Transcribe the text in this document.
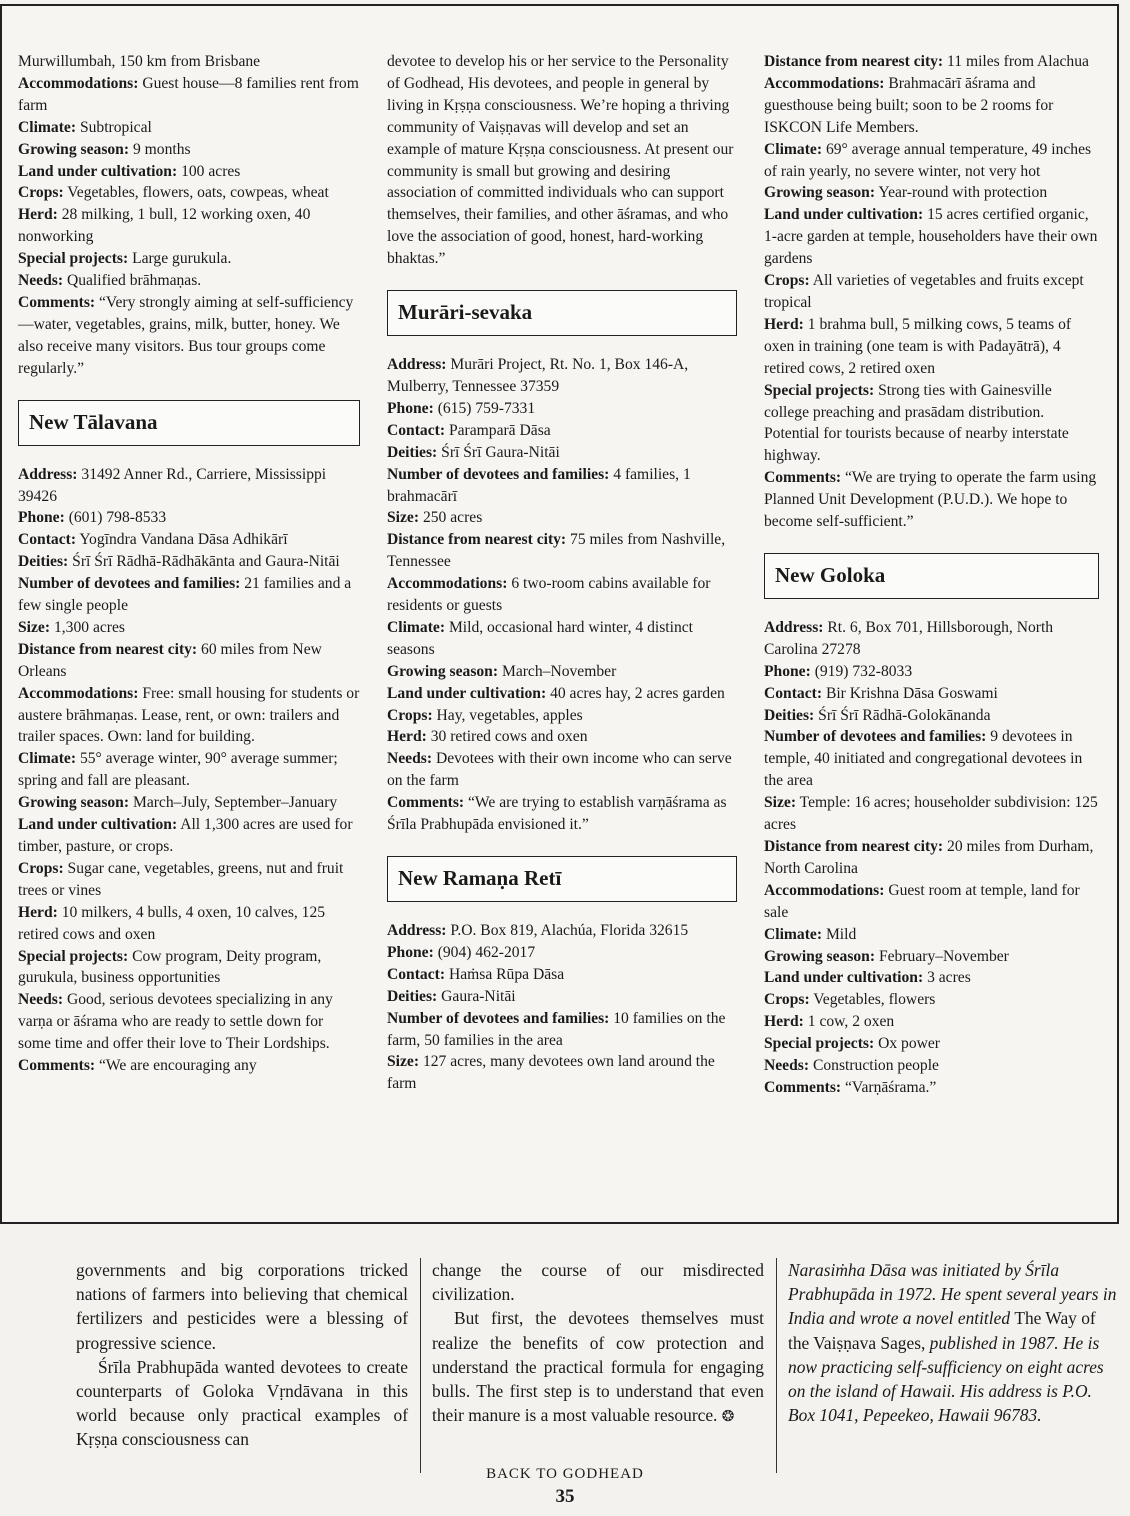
Murwillumbah, 150 km from Brisbane

Accommodations: Guest house—8 families rent from farm

Climate: Subtropical

Growing season: 9 months

Land under cultivation: 100 acres

Crops: Vegetables, flowers, oats, cowpeas, wheat

Herd: 28 milking, 1 bull, 12 working oxen, 40 nonworking

Special projects: Large gurukula.

Needs: Qualified brāhmaṇas.

Comments: “Very strongly aiming at self-sufficiency—water, vegetables, grains, milk, butter, honey. We also receive many visitors. Bus tour groups come regularly.”

New Tālavana

Address: 31492 Anner Rd., Carriere, Mississippi 39426

Phone: (601) 798-8533

Contact: Yogīndra Vandana Dāsa Adhikārī

Deities: Śrī Śrī Rādhā-Rādhākānta and Gaura-Nitāi

Number of devotees and families: 21 families and a few single people

Size: 1,300 acres

Distance from nearest city: 60 miles from New Orleans

Accommodations: Free: small housing for students or austere brāhmaṇas. Lease, rent, or own: trailers and trailer spaces. Own: land for building.

Climate: 55° average winter, 90° average summer; spring and fall are pleasant.

Growing season: March–July, September–January

Land under cultivation: All 1,300 acres are used for timber, pasture, or crops.

Crops: Sugar cane, vegetables, greens, nut and fruit trees or vines

Herd: 10 milkers, 4 bulls, 4 oxen, 10 calves, 125 retired cows and oxen

Special projects: Cow program, Deity program, gurukula, business opportunities

Needs: Good, serious devotees specializing in any varṇa or āśrama who are ready to settle down for some time and offer their love to Their Lordships.

Comments: “We are encouraging any

devotee to develop his or her service to the Personality of Godhead, His devotees, and people in general by living in Kṛṣṇa consciousness. We’re hoping a thriving community of Vaiṣṇavas will develop and set an example of mature Kṛṣṇa consciousness. At present our community is small but growing and desiring association of committed individuals who can support themselves, their families, and other āśramas, and who love the association of good, honest, hard-working bhaktas.”

Murāri-sevaka

Address: Murāri Project, Rt. No. 1, Box 146-A, Mulberry, Tennessee 37359

Phone: (615) 759-7331

Contact: Paramparā Dāsa

Deities: Śrī Śrī Gaura-Nitāi

Number of devotees and families: 4 families, 1 brahmacārī

Size: 250 acres

Distance from nearest city: 75 miles from Nashville, Tennessee

Accommodations: 6 two-room cabins available for residents or guests

Climate: Mild, occasional hard winter, 4 distinct seasons

Growing season: March–November

Land under cultivation: 40 acres hay, 2 acres garden

Crops: Hay, vegetables, apples

Herd: 30 retired cows and oxen

Needs: Devotees with their own income who can serve on the farm

Comments: “We are trying to establish varṇāśrama as Śrīla Prabhupāda envisioned it.”

New Ramaṇa Retī

Address: P.O. Box 819, Alachúa, Florida 32615

Phone: (904) 462-2017

Contact: Haṁsa Rūpa Dāsa

Deities: Gaura-Nitāi

Number of devotees and families: 10 families on the farm, 50 families in the area

Size: 127 acres, many devotees own land around the farm

Distance from nearest city: 11 miles from Alachua

Accommodations: Brahmacārī āśrama and guesthouse being built; soon to be 2 rooms for ISKCON Life Members.

Climate: 69° average annual temperature, 49 inches of rain yearly, no severe winter, not very hot

Growing season: Year-round with protection

Land under cultivation: 15 acres certified organic, 1-acre garden at temple, householders have their own gardens

Crops: All varieties of vegetables and fruits except tropical

Herd: 1 brahma bull, 5 milking cows, 5 teams of oxen in training (one team is with Padayātrā), 4 retired cows, 2 retired oxen

Special projects: Strong ties with Gainesville college preaching and prasādam distribution. Potential for tourists because of nearby interstate highway.

Comments: “We are trying to operate the farm using Planned Unit Development (P.U.D.). We hope to become self-sufficient.”

New Goloka

Address: Rt. 6, Box 701, Hillsborough, North Carolina 27278

Phone: (919) 732-8033

Contact: Bir Krishna Dāsa Goswami

Deities: Śrī Śrī Rādhā-Golokānanda

Number of devotees and families: 9 devotees in temple, 40 initiated and congregational devotees in the area

Size: Temple: 16 acres; householder subdivision: 125 acres

Distance from nearest city: 20 miles from Durham, North Carolina

Accommodations: Guest room at temple, land for sale

Climate: Mild

Growing season: February–November

Land under cultivation: 3 acres

Crops: Vegetables, flowers

Herd: 1 cow, 2 oxen

Special projects: Ox power

Needs: Construction people

Comments: “Varṇāśrama.”

governments and big corporations tricked nations of farmers into believing that chemical fertilizers and pesticides were a blessing of progressive science.

Śrīla Prabhupāda wanted devotees to create counterparts of Goloka Vṛndāvana in this world because only practical examples of Kṛṣṇa consciousness can

change the course of our misdirected civilization.

But first, the devotees themselves must realize the benefits of cow protection and understand the practical formula for engaging bulls. The first step is to understand that even their manure is a most valuable resource. ❂

Narasiṁha Dāsa was initiated by Śrīla Prabhupāda in 1972. He spent several years in India and wrote a novel entitled The Way of the Vaiṣṇava Sages, published in 1987. He is now practicing self-sufficiency on eight acres on the island of Hawaii. His address is P.O. Box 1041, Pepeekeo, Hawaii 96783.
BACK TO GODHEAD
35
